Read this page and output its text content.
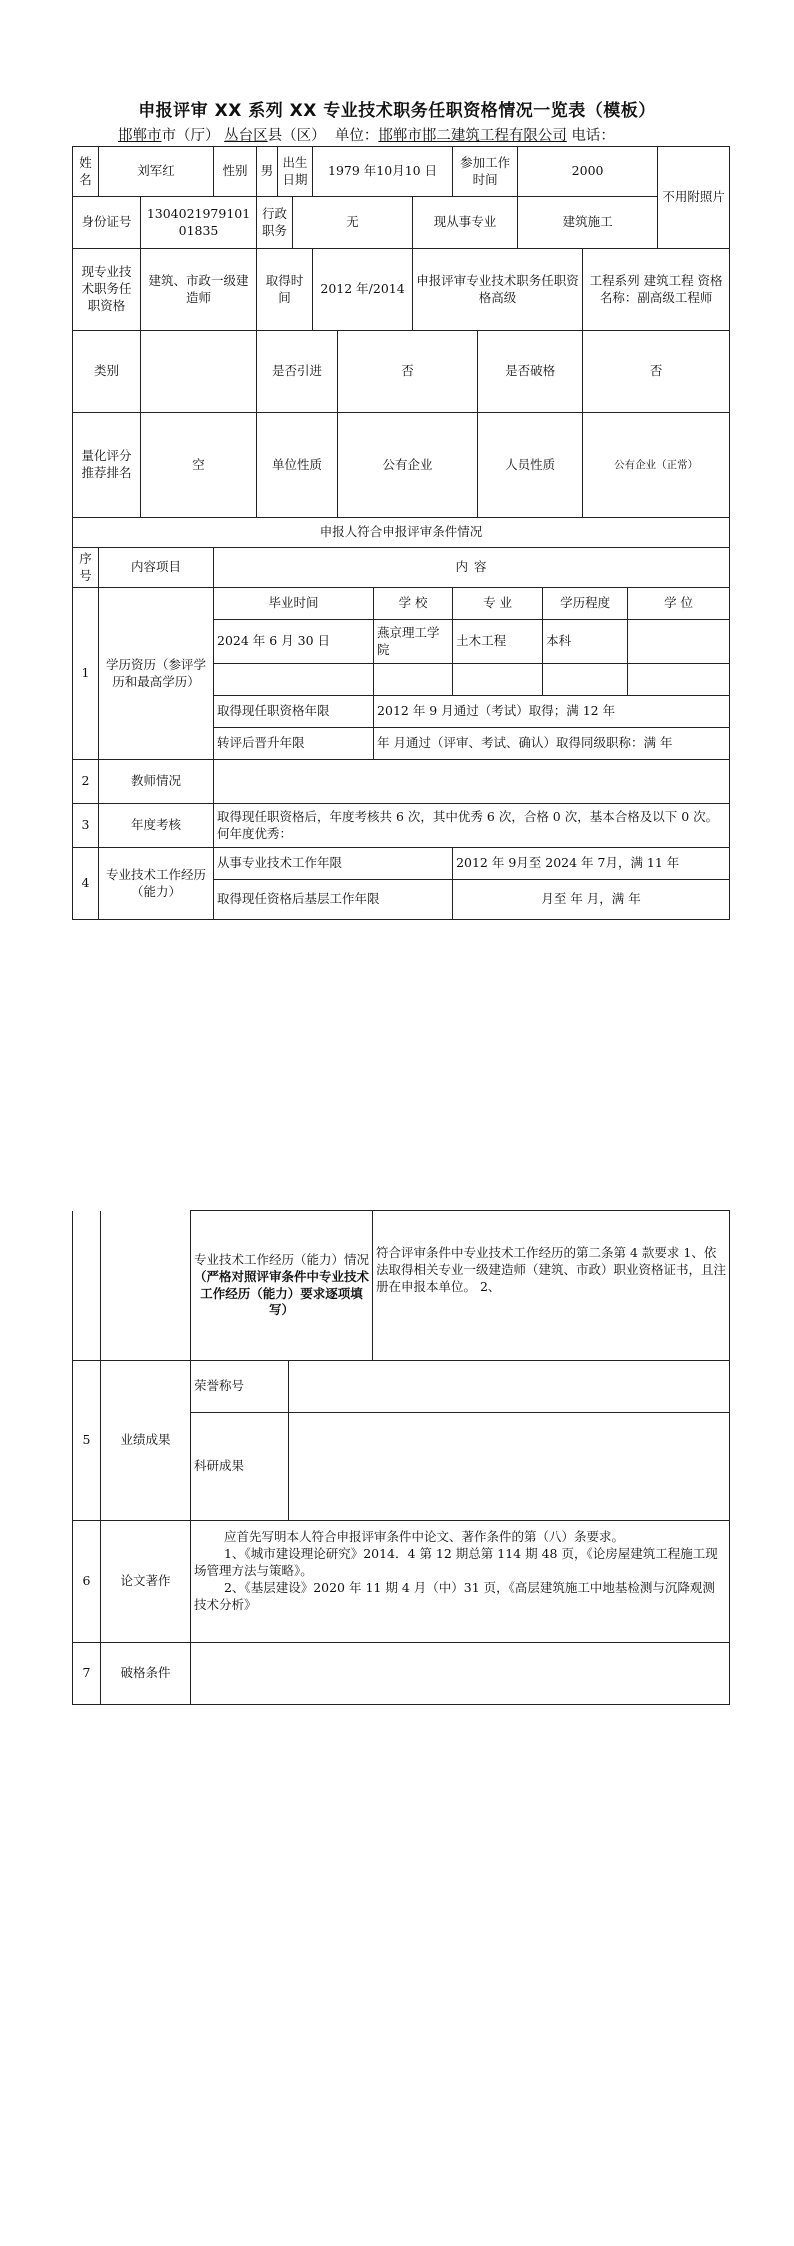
申报评审 XX 系列 XX 专业技术职务任职资格情况一览表（模板）
邯郸市市（厅） 丛台区县（区） 单位：邯郸市邯二建筑工程有限公司 电话：
姓名	刘军红		性别	男	出生日期		1979 年10月10 日				参加工作时间		2000				不用附照片
身份证号		130402197910101835		行政职务		无				现从事专业			建筑施工				
现专业技术职务任职资格		建筑、市政一级建造师		取得时间			2012 年/2014			申报评审专业技术职务任职资格高级					工程系列 建筑工程 资格名称：副高级工程师		
类别				是否引进				否				是否破格			否		
量化评分推荐排名		空		单位性质				公有企业				人员性质			公有企业（正常）		
申报人符合申报评审条件情况																	
序号	内容项目		内 容														
1	学历资历（参评学历和最高学历）		毕业时间						学 校		专 业			学历程度		学 位	
			2024 年 6 月 30 日						燕京理工学院		土木工程			本科			

			取得现任职资格年限						2012 年 9 月通过（考试）取得；满 12 年								
			转评后晋升年限						年 月通过（评审、考试、确认）取得同级职称：满 年								
2	教师情况																
3	年度考核		取得现任职资格后，年度考核共 6 次，其中优秀 6 次，合格 0 次，基本合格及以下 0 次。何年度优秀：														
4	专业技术工作经历（能力）		从事专业技术工作年限								2012 年 9月至 2024 年 7月，满 11 年						
			取得现任资格后基层工作年限								月至 年 月，满 年						
		专业技术工作经历（能力）情况（严格对照评审条件中专业技术工作经历（能力）要求逐项填写）		符合评审条件中专业技术工作经历的第二条第 4 款要求 1、依法取得相关专业一级建造师（建筑、市政）职业资格证书，且注册在申报本单位。 2、
5	业绩成果	荣誉称号		
		科研成果		
6	论文著作	应首先写明本人符合申报评审条件中论文、著作条件的第（八）条要求。
1、《城市建设理论研究》2014．4 第 12 期总第 114 期 48 页，《论房屋建筑工程施工现场管理方法与策略》。
2、《基层建设》2020 年 11 期 4 月（中）31 页，《高层建筑施工中地基检测与沉降观测技术分析》		

7	破格条件			
